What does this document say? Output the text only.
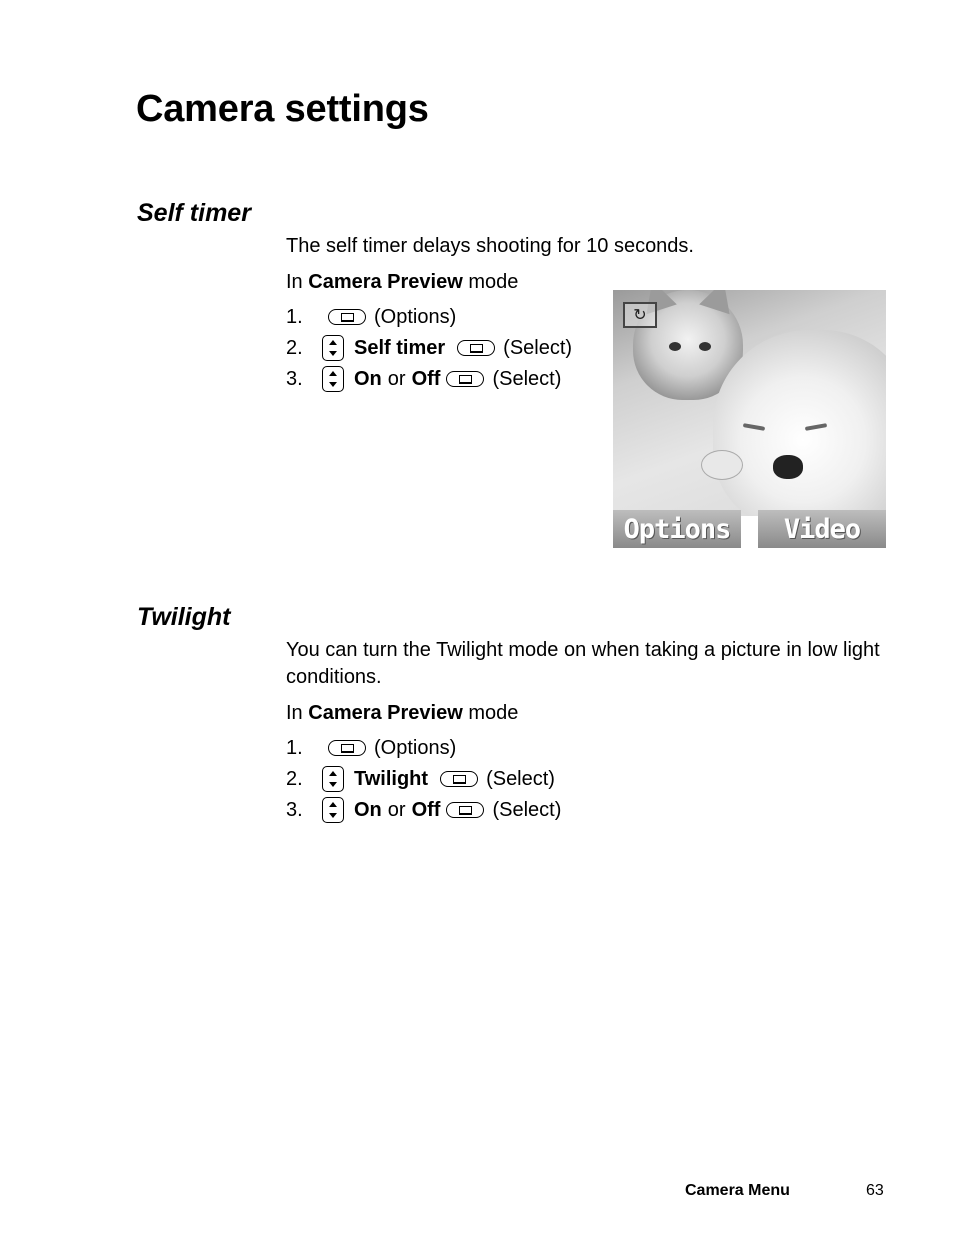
Camera settings
Self timer

The self timer delays shooting for 10 seconds.

In Camera Preview mode

1.	(Options)
2.	Self timer	(Select)
3.	On or Off	(Select)
↻
Options	Video
Twilight

You can turn the Twilight mode on when taking a picture in low light conditions.

In Camera Preview mode

1.	(Options)
2.	Twilight	(Select)
3.	On or Off	(Select)
Camera Menu	63
